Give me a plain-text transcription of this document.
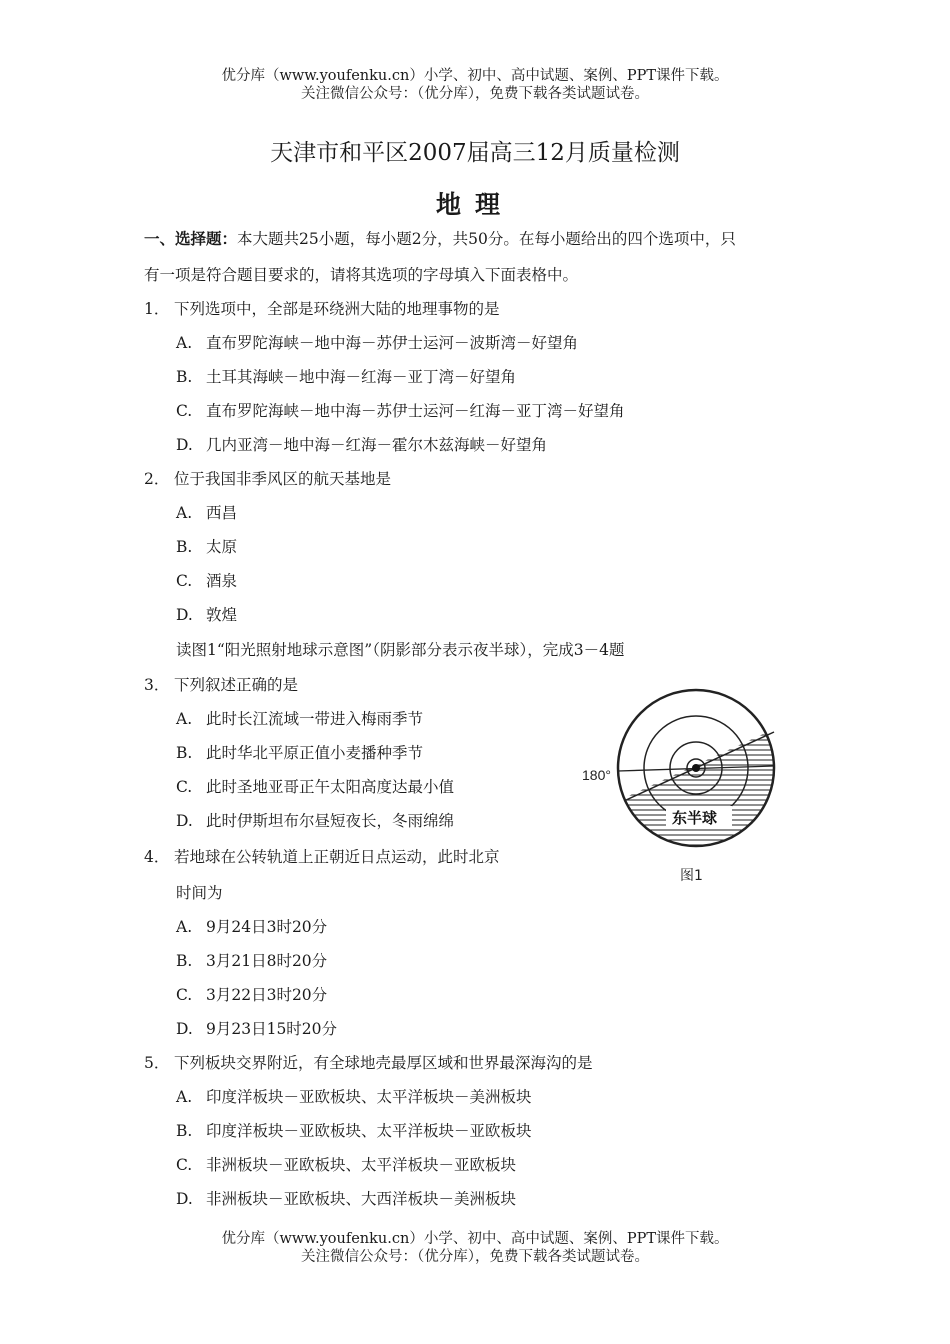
优分库（www.youfenku.cn）小学、初中、高中试题、案例、PPT课件下载。
关注微信公众号：（优分库），免费下载各类试题试卷。
天津市和平区2007届高三12月质量检测
地理
一、选择题：本大题共25小题，每小题2分，共50分。在每小题给出的四个选项中，只
有一项是符合题目要求的，请将其选项的字母填入下面表格中。
1． 下列选项中，全部是环绕洲大陆的地理事物的是
A. 直布罗陀海峡－地中海－苏伊士运河－波斯湾－好望角
B. 土耳其海峡－地中海－红海－亚丁湾－好望角
C. 直布罗陀海峡－地中海－苏伊士运河－红海－亚丁湾－好望角
D. 几内亚湾－地中海－红海－霍尔木兹海峡－好望角
2． 位于我国非季风区的航天基地是
A. 西昌
B. 太原
C. 酒泉
D. 敦煌
读图1“阳光照射地球示意图”（阴影部分表示夜半球），完成3－4题
3． 下列叙述正确的是
A. 此时长江流域一带进入梅雨季节
B. 此时华北平原正值小麦播种季节
C. 此时圣地亚哥正午太阳高度达最小值
D. 此时伊斯坦布尔昼短夜长，冬雨绵绵
4． 若地球在公转轨道上正朝近日点运动，此时北京
时间为
A. 9月24日3时20分
B. 3月21日8时20分
C. 3月22日3时20分
D. 9月23日15时20分
5． 下列板块交界附近，有全球地壳最厚区域和世界最深海沟的是
A. 印度洋板块－亚欧板块、太平洋板块－美洲板块
B. 印度洋板块－亚欧板块、太平洋板块－亚欧板块
C. 非洲板块－亚欧板块、太平洋板块－亚欧板块
D. 非洲板块－亚欧板块、大西洋板块－美洲板块
180°
东半球
图1
优分库（www.youfenku.cn）小学、初中、高中试题、案例、PPT课件下载。
关注微信公众号：（优分库），免费下载各类试题试卷。
